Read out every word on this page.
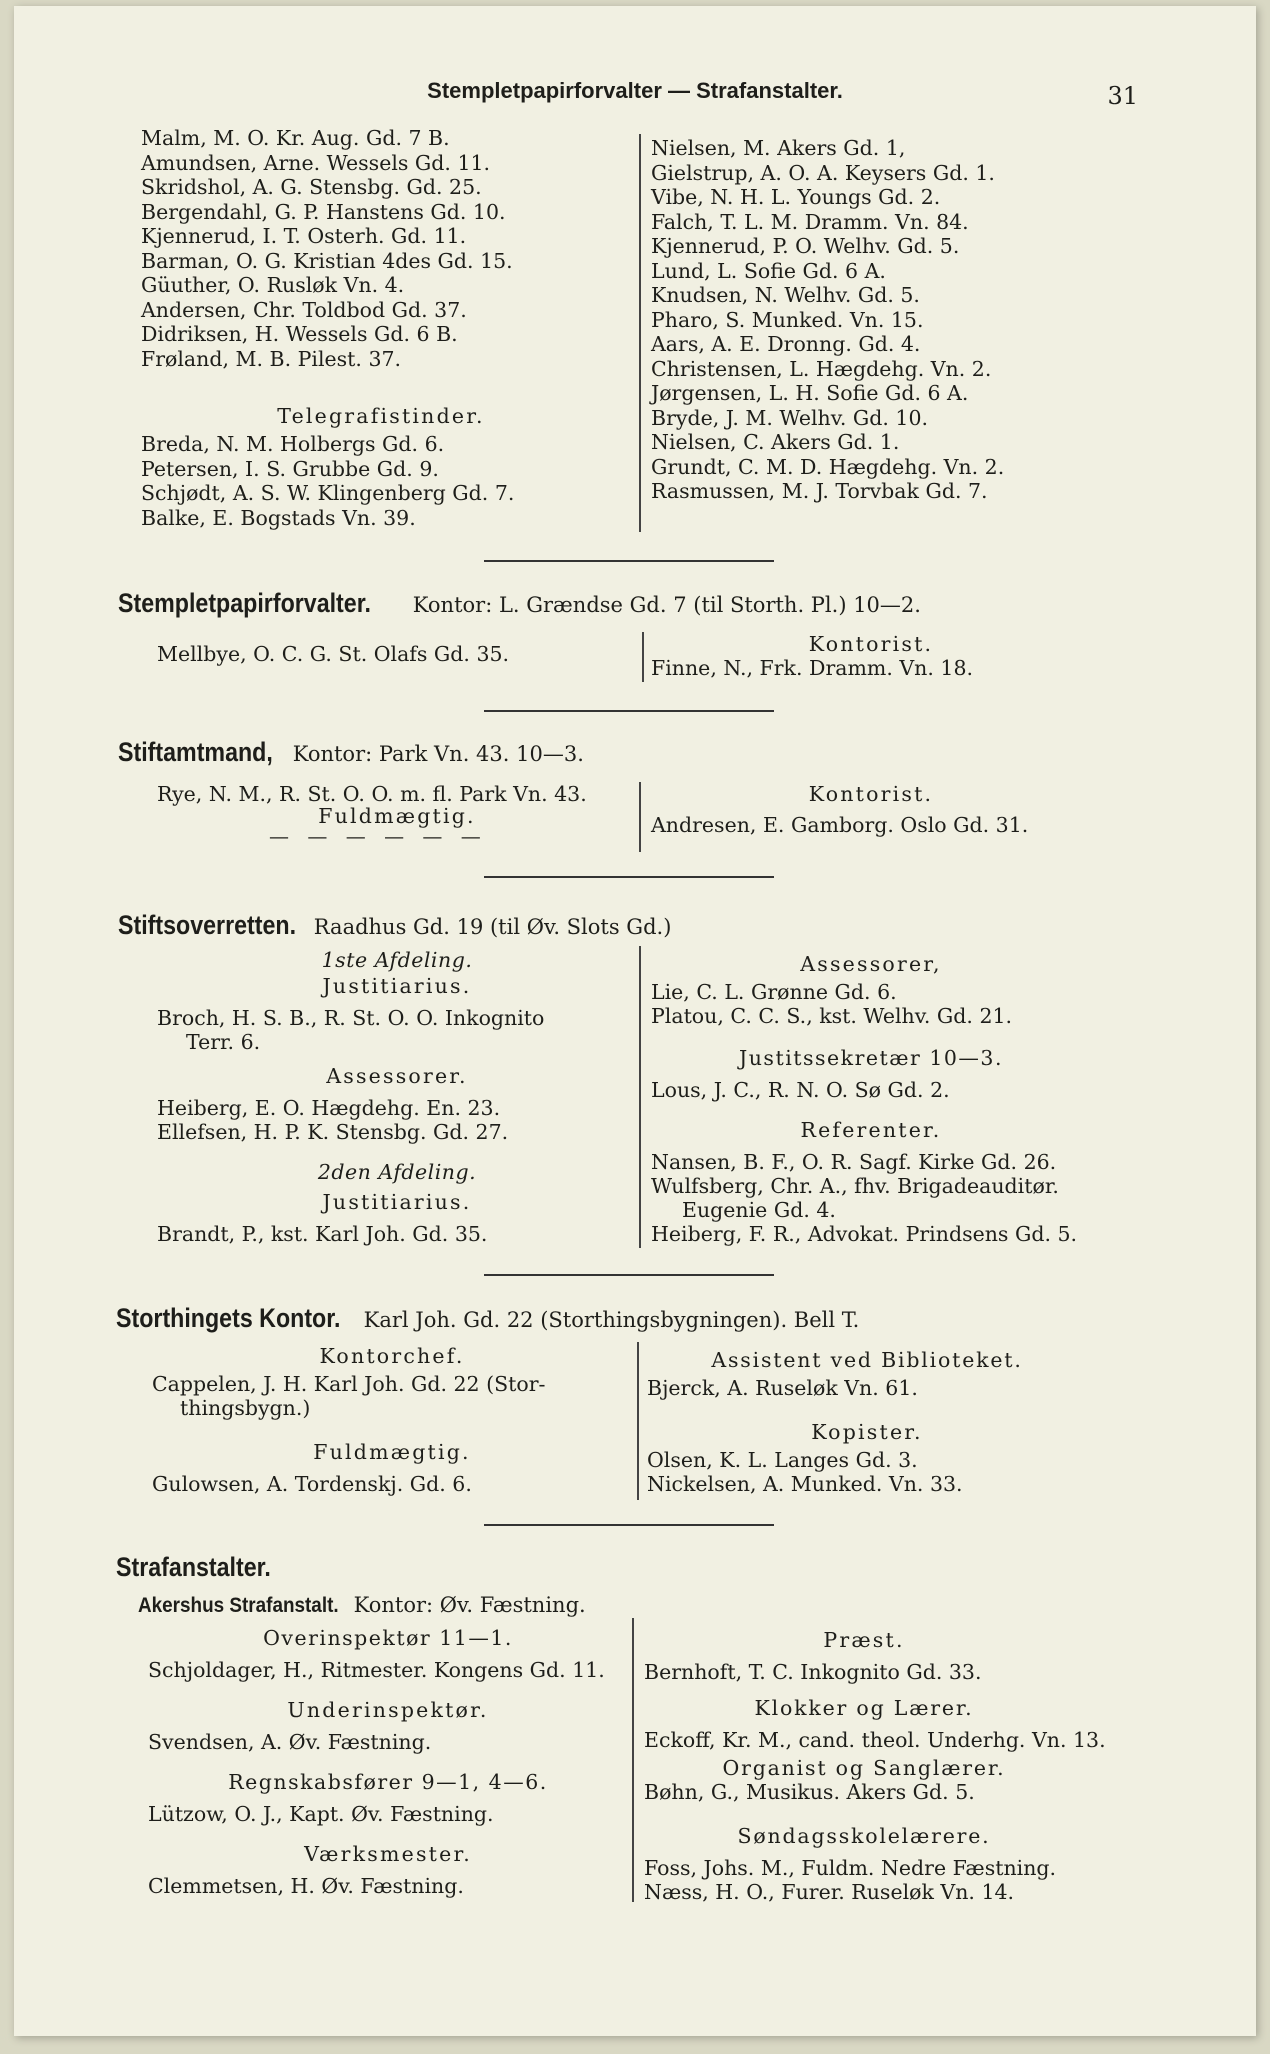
Stempletpapirforvalter — Strafanstalter.	31
Malm, M. O. Kr. Aug. Gd. 7 B.
Amundsen, Arne. Wessels Gd. 11.
Skridshol, A. G. Stensbg. Gd. 25.
Bergendahl, G. P. Hanstens Gd. 10.
Kjennerud, I. T. Osterh. Gd. 11.
Barman, O. G. Kristian 4des Gd. 15.
Güuther, O. Rusløk Vn. 4.
Andersen, Chr. Toldbod Gd. 37.
Didriksen, H. Wessels Gd. 6 B.
Frøland, M. B. Pilest. 37.
Telegrafistinder.
Breda, N. M. Holbergs Gd. 6.
Petersen, I. S. Grubbe Gd. 9.
Schjødt, A. S. W. Klingenberg Gd. 7.
Balke, E. Bogstads Vn. 39.
Nielsen, M. Akers Gd. 1,
Gielstrup, A. O. A. Keysers Gd. 1.
Vibe, N. H. L. Youngs Gd. 2.
Falch, T. L. M. Dramm. Vn. 84.
Kjennerud, P. O. Welhv. Gd. 5.
Lund, L. Sofie Gd. 6 A.
Knudsen, N. Welhv. Gd. 5.
Pharo, S. Munked. Vn. 15.
Aars, A. E. Dronng. Gd. 4.
Christensen, L. Hægdehg. Vn. 2.
Jørgensen, L. H. Sofie Gd. 6 A.
Bryde, J. M. Welhv. Gd. 10.
Nielsen, C. Akers Gd. 1.
Grundt, C. M. D. Hægdehg. Vn. 2.
Rasmussen, M. J. Torvbak Gd. 7.
Stempletpapirforvalter. Kontor: L. Grændse Gd. 7 (til Storth. Pl.) 10—2.
Mellbye, O. C. G. St. Olafs Gd. 35.	Kontorist.
Finne, N., Frk. Dramm. Vn. 18.
Stiftamtmand, Kontor: Park Vn. 43. 10—3.
Rye, N. M., R. St. O. O. m. fl. Park Vn. 43.
Fuldmægtig.
— — — — — —
Kontorist.
Andresen, E. Gamborg. Oslo Gd. 31.
Stiftsoverretten. Raadhus Gd. 19 (til Øv. Slots Gd.)
1ste Afdeling.
Justitiarius.
Broch, H. S. B., R. St. O. O. Inkognito
Terr. 6.
Assessorer.
Heiberg, E. O. Hægdehg. En. 23.
Ellefsen, H. P. K. Stensbg. Gd. 27.
2den Afdeling.
Justitiarius.
Brandt, P., kst. Karl Joh. Gd. 35.
Assessorer,
Lie, C. L. Grønne Gd. 6.
Platou, C. C. S., kst. Welhv. Gd. 21.
Justitssekretær 10—3.
Lous, J. C., R. N. O. Sø Gd. 2.
Referenter.
Nansen, B. F., O. R. Sagf. Kirke Gd. 26.
Wulfsberg, Chr. A., fhv. Brigadeauditør.
Eugenie Gd. 4.
Heiberg, F. R., Advokat. Prindsens Gd. 5.
Storthingets Kontor. Karl Joh. Gd. 22 (Storthingsbygningen). Bell T.
Kontorchef.
Cappelen, J. H. Karl Joh. Gd. 22 (Stor-
thingsbygn.)
Fuldmægtig.
Gulowsen, A. Tordenskj. Gd. 6.
Assistent ved Biblioteket.
Bjerck, A. Ruseløk Vn. 61.
Kopister.
Olsen, K. L. Langes Gd. 3.
Nickelsen, A. Munked. Vn. 33.
Strafanstalter.
Akershus Strafanstalt. Kontor: Øv. Fæstning.
Overinspektør 11—1.
Schjoldager, H., Ritmester. Kongens Gd. 11.
Underinspektør.
Svendsen, A. Øv. Fæstning.
Regnskabsfører 9—1, 4—6.
Lützow, O. J., Kapt. Øv. Fæstning.
Værksmester.
Clemmetsen, H. Øv. Fæstning.
Præst.
Bernhoft, T. C. Inkognito Gd. 33.
Klokker og Lærer.
Eckoff, Kr. M., cand. theol. Underhg. Vn. 13.
Organist og Sanglærer.
Bøhn, G., Musikus. Akers Gd. 5.
Søndagsskolelærere.
Foss, Johs. M., Fuldm. Nedre Fæstning.
Næss, H. O., Furer. Ruseløk Vn. 14.
